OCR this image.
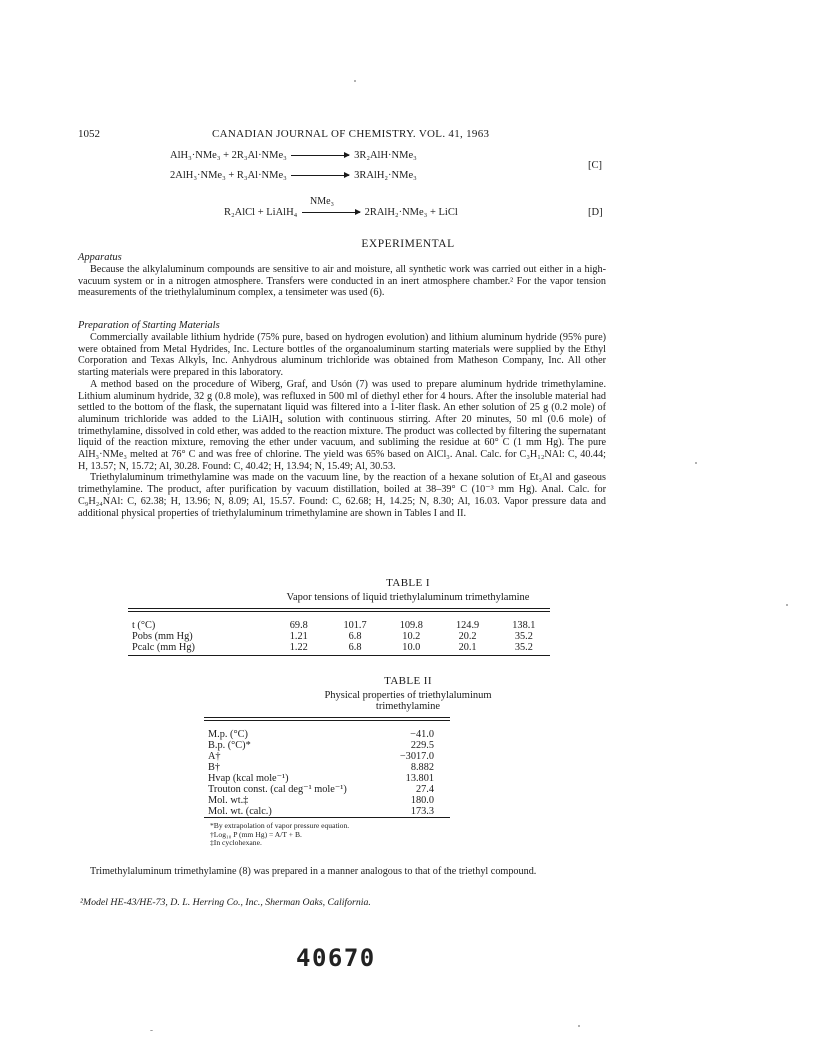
1052	CANADIAN JOURNAL OF CHEMISTRY. VOL. 41, 1963
AlH₃·NMe₃ + 2R₃Al·NMe₃	3R₂AlH·NMe₃
2AlH₃·NMe₃ + R₃Al·NMe₃	3RAlH₂·NMe₃
[C]
NMe₃
R₂AlCl + LiAlH₄	2RAlH₂·NMe₃ + LiCl	[D]
EXPERIMENTAL
Apparatus

Because the alkylaluminum compounds are sensitive to air and moisture, all synthetic work was carried out either in a high-vacuum system or in a nitrogen atmosphere. Transfers were conducted in an inert atmosphere chamber.² For the vapor tension measurements of the triethylaluminum complex, a tensimeter was used (6).

Preparation of Starting Materials

Commercially available lithium hydride (75% pure, based on hydrogen evolution) and lithium aluminum hydride (95% pure) were obtained from Metal Hydrides, Inc. Lecture bottles of the organoaluminum starting materials were supplied by the Ethyl Corporation and Texas Alkyls, Inc. Anhydrous aluminum trichloride was obtained from Matheson Company, Inc. All other starting materials were prepared in this laboratory.

A method based on the procedure of Wiberg, Graf, and Usón (7) was used to prepare aluminum hydride trimethylamine. Lithium aluminum hydride, 32 g (0.8 mole), was refluxed in 500 ml of diethyl ether for 4 hours. After the insoluble material had settled to the bottom of the flask, the supernatant liquid was filtered into a 1-liter flask. An ether solution of 25 g (0.2 mole) of aluminum trichloride was added to the LiAlH₄ solution with continuous stirring. After 20 minutes, 50 ml (0.6 mole) of trimethylamine, dissolved in cold ether, was added to the reaction mixture. The product was collected by filtering the supernatant liquid of the reaction mixture, removing the ether under vacuum, and subliming the residue at 60° C (1 mm Hg). The pure AlH₃·NMe₃ melted at 76° C and was free of chlorine. The yield was 65% based on AlCl₃. Anal. Calc. for C₃H₁₂NAl: C, 40.44; H, 13.57; N, 15.72; Al, 30.28. Found: C, 40.42; H, 13.94; N, 15.49; Al, 30.53.

Triethylaluminum trimethylamine was made on the vacuum line, by the reaction of a hexane solution of Et₃Al and gaseous trimethylamine. The product, after purification by vacuum distillation, boiled at 38–39° C (10⁻³ mm Hg). Anal. Calc. for C₉H₂₄NAl: C, 62.38; H, 13.96; N, 8.09; Al, 15.57. Found: C, 62.68; H, 14.25; N, 8.30; Al, 16.03. Vapor pressure data and additional physical properties of triethylaluminum trimethylamine are shown in Tables I and II.

TABLE I
Vapor tensions of liquid triethylaluminum trimethylamine
t (°C)	69.8	101.7	109.8	124.9	138.1
Pobs (mm Hg)	1.21	6.8	10.2	20.2	35.2
Pcalc (mm Hg)	1.22	6.8	10.0	20.1	35.2
TABLE II
Physical properties of triethylaluminum
trimethylamine
M.p. (°C)	−41.0
B.p. (°C)*	229.5
A†	−3017.0
B†	8.882
Hvap (kcal mole⁻¹)	13.801
Trouton const. (cal deg⁻¹ mole⁻¹)	27.4
Mol. wt.‡	180.0
Mol. wt. (calc.)	173.3
*By extrapolation of vapor pressure equation.
†Log₁₀ P (mm Hg) = A/T + B.
‡In cyclohexane.

Trimethylaluminum trimethylamine (8) was prepared in a manner analogous to that of the triethyl compound.

²Model HE-43/HE-73, D. L. Herring Co., Inc., Sherman Oaks, California.
40670
